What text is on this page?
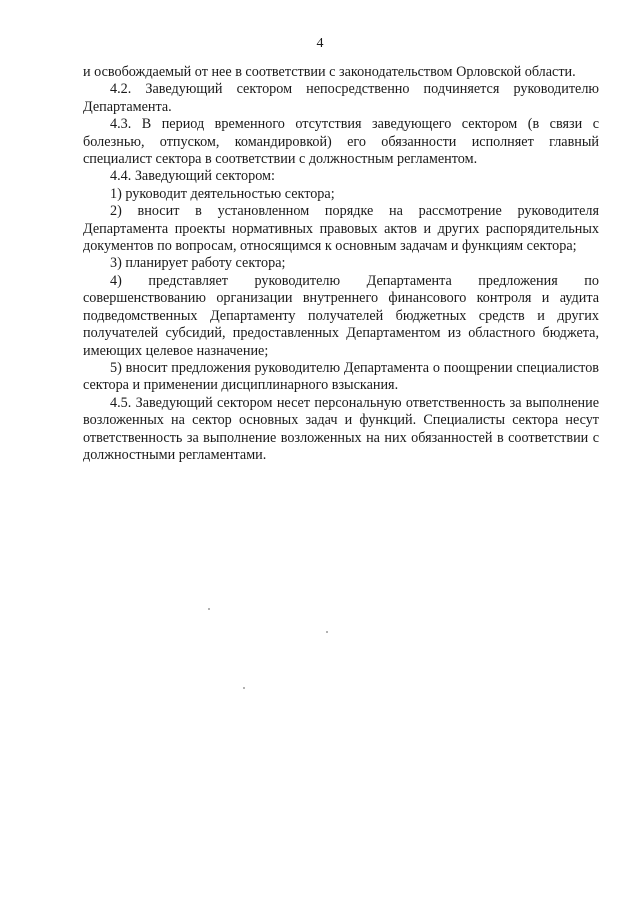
4

и освобождаемый от нее в соответствии с законодательством Орловской области.

4.2. Заведующий сектором непосредственно подчиняется руководителю Департамента.

4.3. В период временного отсутствия заведующего сектором (в связи с болезнью, отпуском, командировкой) его обязанности исполняет главный специалист сектора в соответствии с должностным регламентом.

4.4. Заведующий сектором:

1) руководит деятельностью сектора;

2) вносит в установленном порядке на рассмотрение руководителя Департамента проекты нормативных правовых актов и других распорядительных документов по вопросам, относящимся к основным задачам и функциям сектора;

3) планирует работу сектора;

4) представляет руководителю Департамента предложения по совершенствованию организации внутреннего финансового контроля и аудита подведомственных Департаменту получателей бюджетных средств и других получателей субсидий, предоставленных Департаментом из областного бюджета, имеющих целевое назначение;

5) вносит предложения руководителю Департамента о поощрении специалистов сектора и применении дисциплинарного взыскания.

4.5. Заведующий сектором несет персональную ответственность за выполнение возложенных на сектор основных задач и функций. Специалисты сектора несут ответственность за выполнение возложенных на них обязанностей в соответствии с должностными регламентами.
